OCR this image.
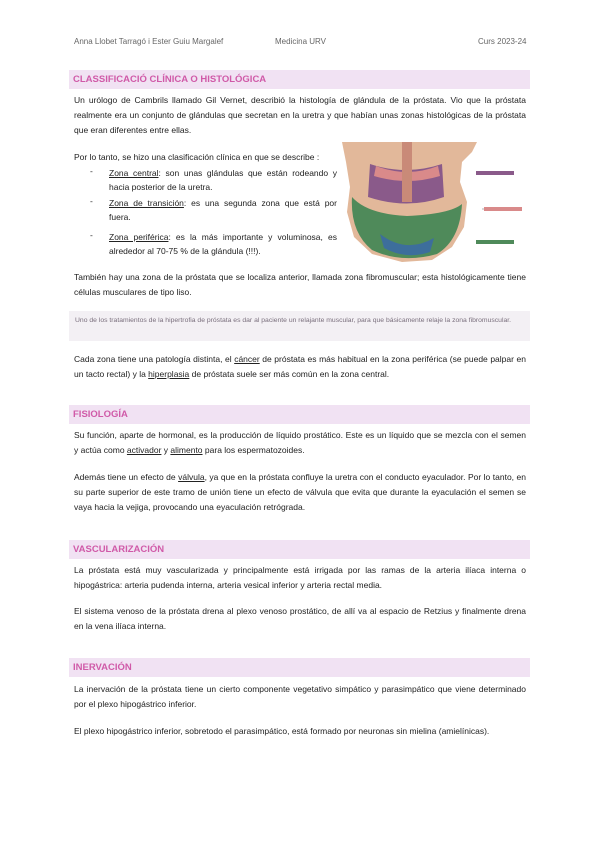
Anna Llobet Tarragó i Ester Guiu Margalef	Medicina URV	Curs 2023-24
CLASSIFICACIÓ CLÍNICA O HISTOLÓGICA
Un urólogo de Cambrils llamado Gil Vernet, describió la histología de glándula de la próstata. Vio que la próstata realmente era un conjunto de glándulas que secretan en la uretra y que habían unas zonas histológicas de la próstata que eran diferentes entre ellas.
Por lo tanto, se hizo una clasificación clínica en que se describe :
- Zona central: son unas glándulas que están rodeando y hacia posterior de la uretra.
- Zona de transición: es una segunda zona que está por fuera.
- Zona periférica: es la más importante y voluminosa, es alrededor al 70-75 % de la glándula (!!!).
También hay una zona de la próstata que se localiza anterior, llamada zona fibromuscular; esta histológicamente tiene células musculares de tipo liso.
Uno de los tratamientos de la hipertrofia de próstata es dar al paciente un relajante muscular, para que básicamente relaje la zona fibromuscular.
Cada zona tiene una patología distinta, el cáncer de próstata es más habitual en la zona periférica (se puede palpar en un tacto rectal) y la hiperplasia de próstata suele ser más común en la zona central.
FISIOLOGÍA
Su función, aparte de hormonal, es la producción de líquido prostático. Este es un líquido que se mezcla con el semen y actúa como activador y alimento para los espermatozoides.
Además tiene un efecto de válvula, ya que en la próstata confluye la uretra con el conducto eyaculador. Por lo tanto, en su parte superior de este tramo de unión tiene un efecto de válvula que evita que durante la eyaculación el semen se vaya hacia la vejiga, provocando una eyaculación retrógrada.
VASCULARIZACIÓN
La próstata está muy vascularizada y principalmente está irrigada por las ramas de la arteria ilíaca interna o hipogástrica: arteria pudenda interna, arteria vesical inferior y arteria rectal media.
El sistema venoso de la próstata drena al plexo venoso prostático, de allí va al espacio de Retzius y finalmente drena en la vena ilíaca interna.
INERVACIÓN
La inervación de la próstata tiene un cierto componente vegetativo simpático y parasimpático que viene determinado por el plexo hipogástrico inferior.
El plexo hipogástrico inferior, sobretodo el parasimpático, está formado por neuronas sin mielina (amielínicas).
